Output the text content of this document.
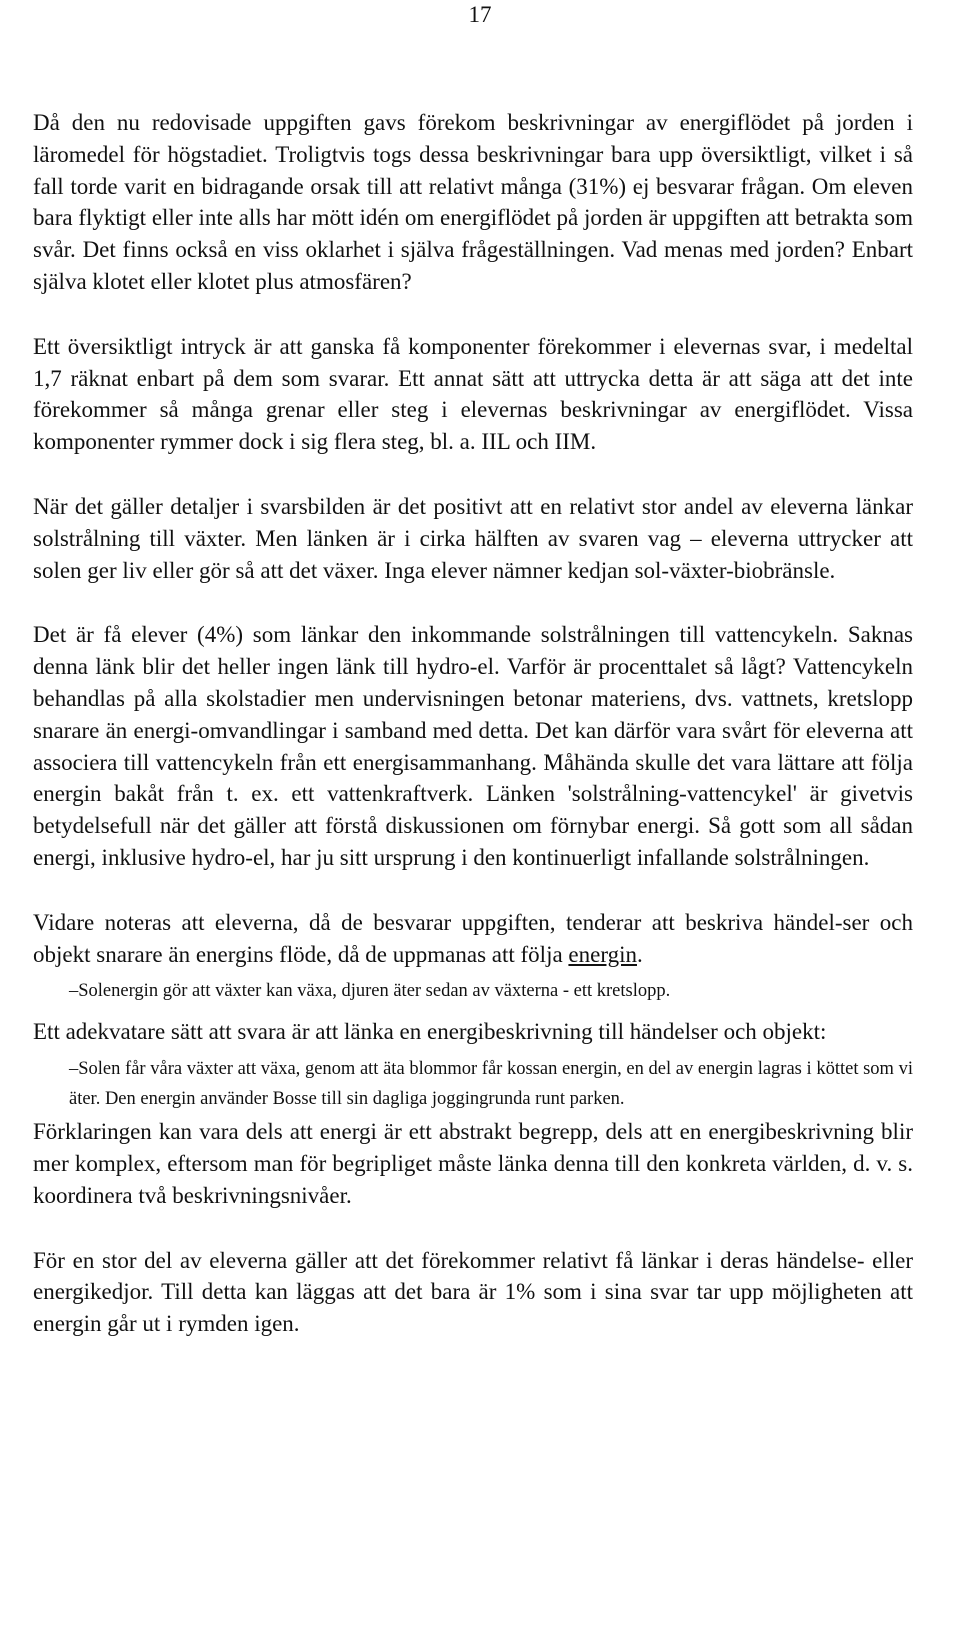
17

Då den nu redovisade uppgiften gavs förekom beskrivningar av energiflödet på jorden i läromedel för högstadiet. Troligtvis togs dessa beskrivningar bara upp översiktligt, vilket i så fall torde varit en bidragande orsak till att relativt många (31%) ej besvarar frågan. Om eleven bara flyktigt eller inte alls har mött idén om energiflödet på jorden är uppgiften att betrakta som svår. Det finns också en viss oklarhet i själva frågeställningen. Vad menas med jorden? Enbart själva klotet eller klotet plus atmosfären?

Ett översiktligt intryck är att ganska få komponenter förekommer i elevernas svar, i medeltal 1,7 räknat enbart på dem som svarar. Ett annat sätt att uttrycka detta är att säga att det inte förekommer så många grenar eller steg i elevernas beskrivningar av energiflödet. Vissa komponenter rymmer dock i sig flera steg, bl. a. IIL och IIM.

När det gäller detaljer i svarsbilden är det positivt att en relativt stor andel av eleverna länkar solstrålning till växter. Men länken är i cirka hälften av svaren vag – eleverna uttrycker att solen ger liv eller gör så att det växer. Inga elever nämner kedjan sol-växter-biobränsle.

Det är få elever (4%) som länkar den inkommande solstrålningen till vattencykeln. Saknas denna länk blir det heller ingen länk till hydro-el. Varför är procenttalet så lågt? Vattencykeln behandlas på alla skolstadier men undervisningen betonar materiens, dvs. vattnets, kretslopp snarare än energi-omvandlingar i samband med detta. Det kan därför vara svårt för eleverna att associera till vattencykeln från ett energisammanhang. Måhända skulle det vara lättare att följa energin bakåt från t. ex. ett vattenkraftverk. Länken 'solstrålning-vattencykel' är givetvis betydelsefull när det gäller att förstå diskussionen om förnybar energi. Så gott som all sådan energi, inklusive hydro-el, har ju sitt ursprung i den kontinuerligt infallande solstrålningen.

Vidare noteras att eleverna, då de besvarar uppgiften, tenderar att beskriva händel-ser och objekt snarare än energins flöde, då de uppmanas att följa energin.

–Solenergin gör att växter kan växa, djuren äter sedan av växterna - ett kretslopp.

Ett adekvatare sätt att svara är att länka en energibeskrivning till händelser och objekt:

–Solen får våra växter att växa, genom att äta blommor får kossan energin, en del av energin lagras i köttet som vi äter. Den energin använder Bosse till sin dagliga joggingrunda runt parken.

Förklaringen kan vara dels att energi är ett abstrakt begrepp, dels att en energibeskrivning blir mer komplex, eftersom man för begripliget måste länka denna till den konkreta världen, d. v. s. koordinera två beskrivningsnivåer.

För en stor del av eleverna gäller att det förekommer relativt få länkar i deras händelse- eller energikedjor. Till detta kan läggas att det bara är 1% som i sina svar tar upp möjligheten att energin går ut i rymden igen.
